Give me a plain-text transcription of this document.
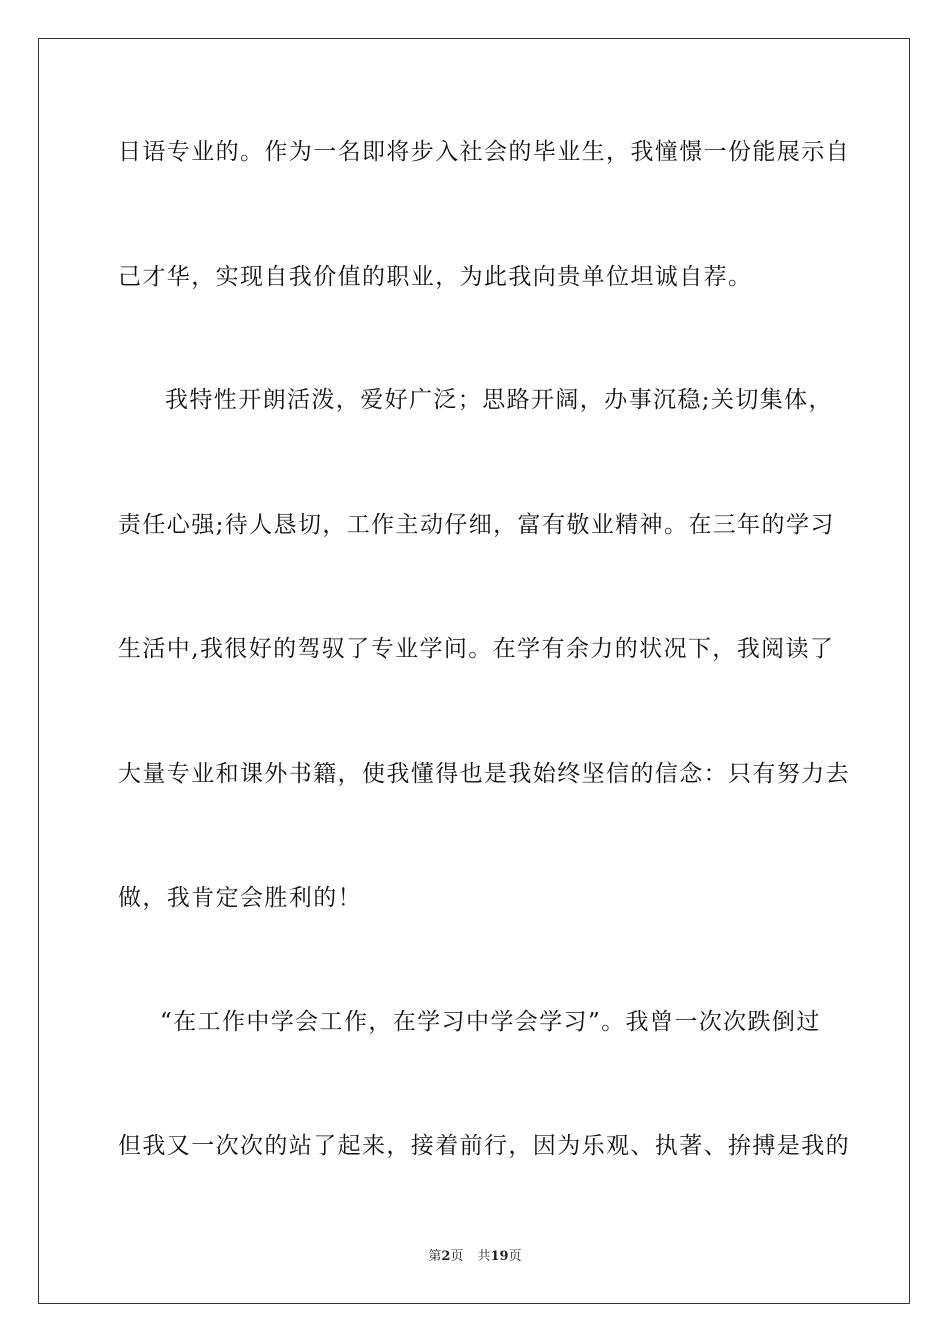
日语专业的。作为一名即将步入社会的毕业生，我憧憬一份能展示自
己才华，实现自我价值的职业，为此我向贵单位坦诚自荐。
我特性开朗活泼，爱好广泛；思路开阔，办事沉稳;关切集体，
责任心强;待人恳切，工作主动仔细，富有敬业精神。在三年的学习
生活中,我很好的驾驭了专业学问。在学有余力的状况下，我阅读了
大量专业和课外书籍，使我懂得也是我始终坚信的信念：只有努力去
做，我肯定会胜利的！
“在工作中学会工作，在学习中学会学习”。我曾一次次跌倒过
但我又一次次的站了起来，接着前行，因为乐观、执著、拚搏是我的
第2页 共19页
